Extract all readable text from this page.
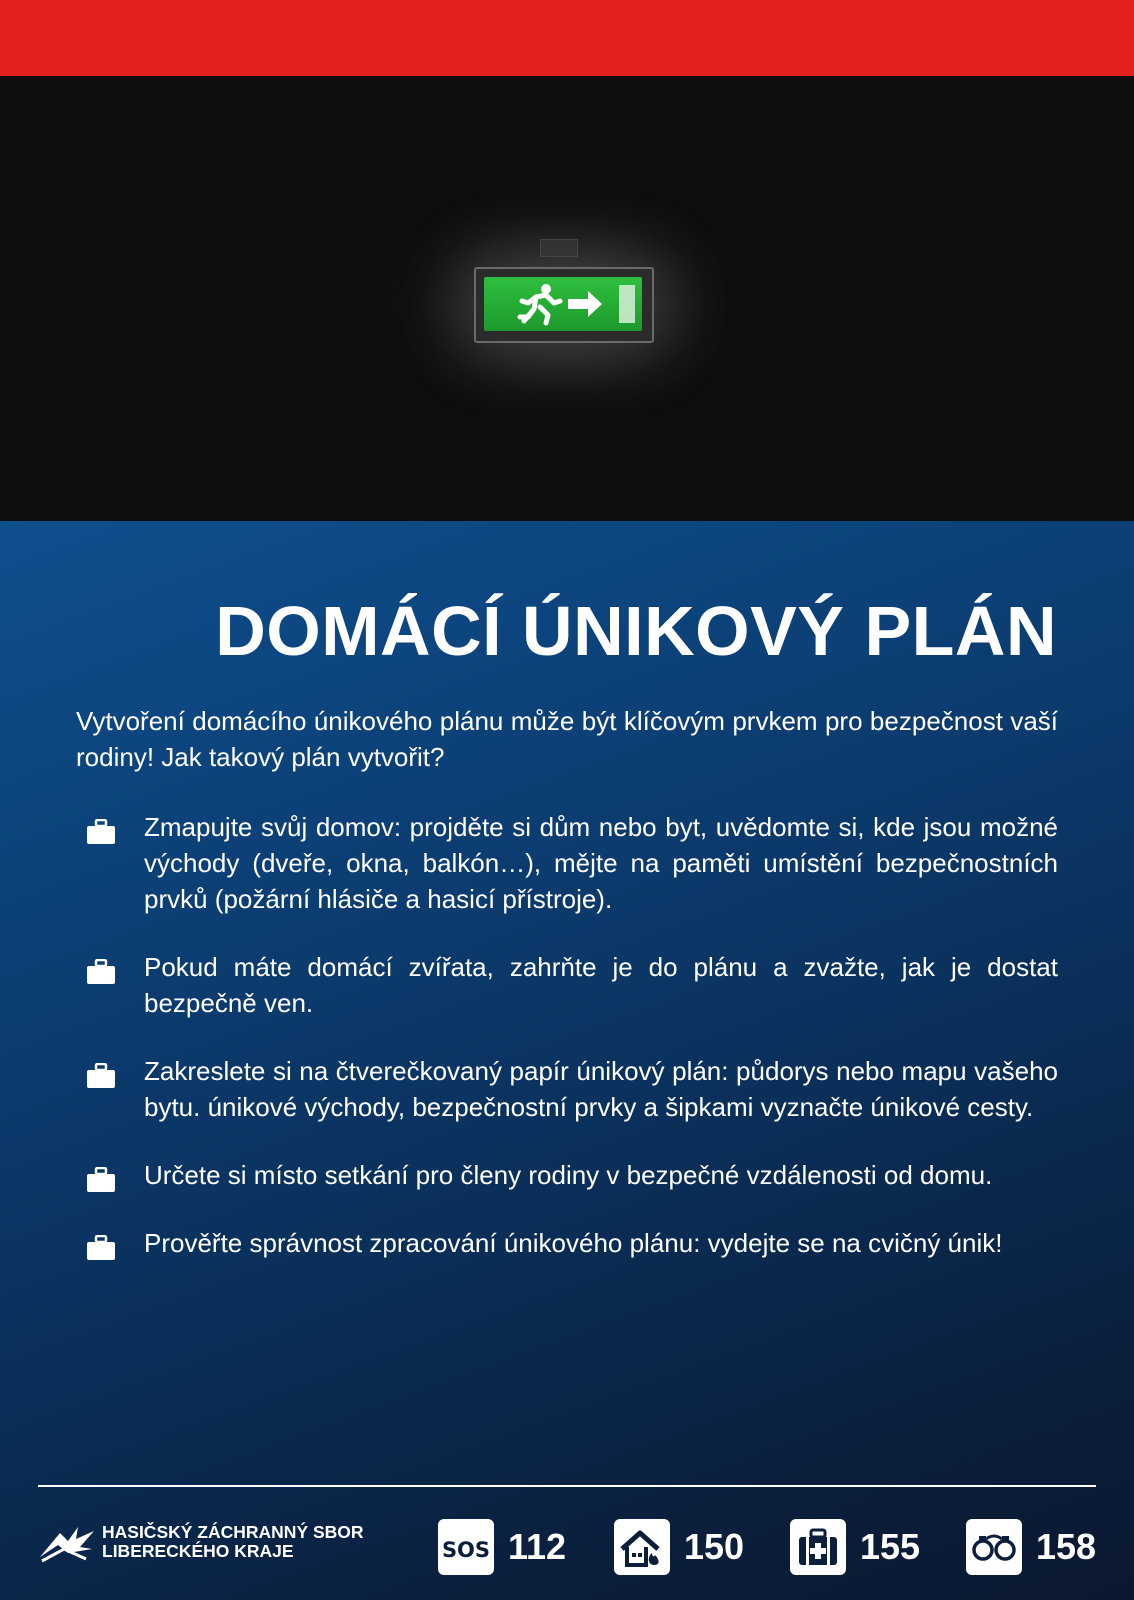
DOMÁCÍ ÚNIKOVÝ PLÁN
Vytvoření domácího únikového plánu může být klíčovým prvkem pro bezpečnost vaší rodiny! Jak takový plán vytvořit?
Zmapujte svůj domov: projděte si dům nebo byt, uvědomte si, kde jsou možné východy (dveře, okna, balkón…), mějte na paměti umístění bezpečnostních prvků (požární hlásiče a hasicí přístroje).
Pokud máte domácí zvířata, zahrňte je do plánu a zvažte, jak je dostat bezpečně ven.
Zakreslete si na čtverečkovaný papír únikový plán: půdorys nebo mapu vašeho bytu. únikové východy, bezpečnostní prvky a šipkami vyznačte únikové cesty.
Určete si místo setkání pro členy rodiny v bezpečné vzdálenosti od domu.
Prověřte správnost zpracování únikového plánu: vydejte se na cvičný únik!
HASIČSKÝ ZÁCHRANNÝ SBOR
LIBERECKÉHO KRAJE	SOS 112	150	155	158
